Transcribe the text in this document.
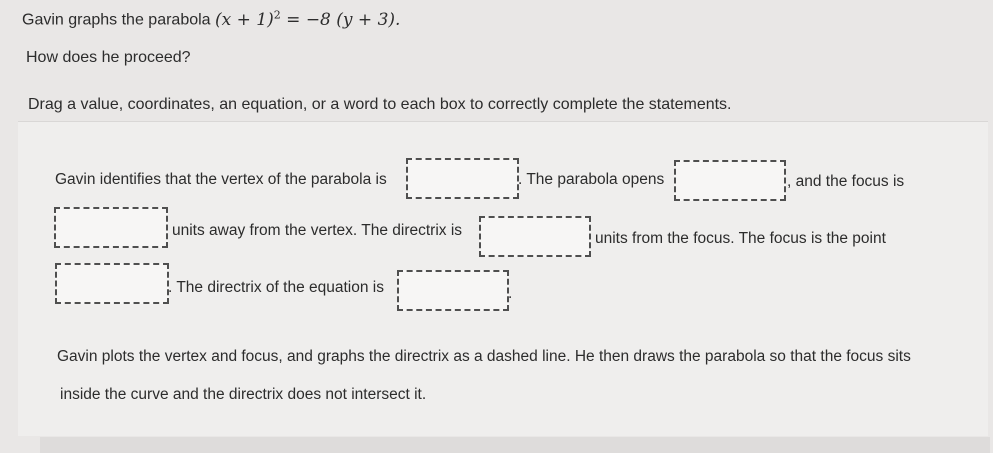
Gavin graphs the parabola $(x + 1)^2 = -8$ (y + 3).
How does he proceed?
Drag a value, coordinates, an equation, or a word to each box to correctly complete the statements.
Gavin identifies that the vertex of the parabola is	. The parabola opens	, and the focus is
units away from the vertex. The directrix is	units from the focus. The focus is the point
. The directrix of the equation is	.
Gavin plots the vertex and focus, and graphs the directrix as a dashed line. He then draws the parabola so that the focus sits
inside the curve and the directrix does not intersect it.
